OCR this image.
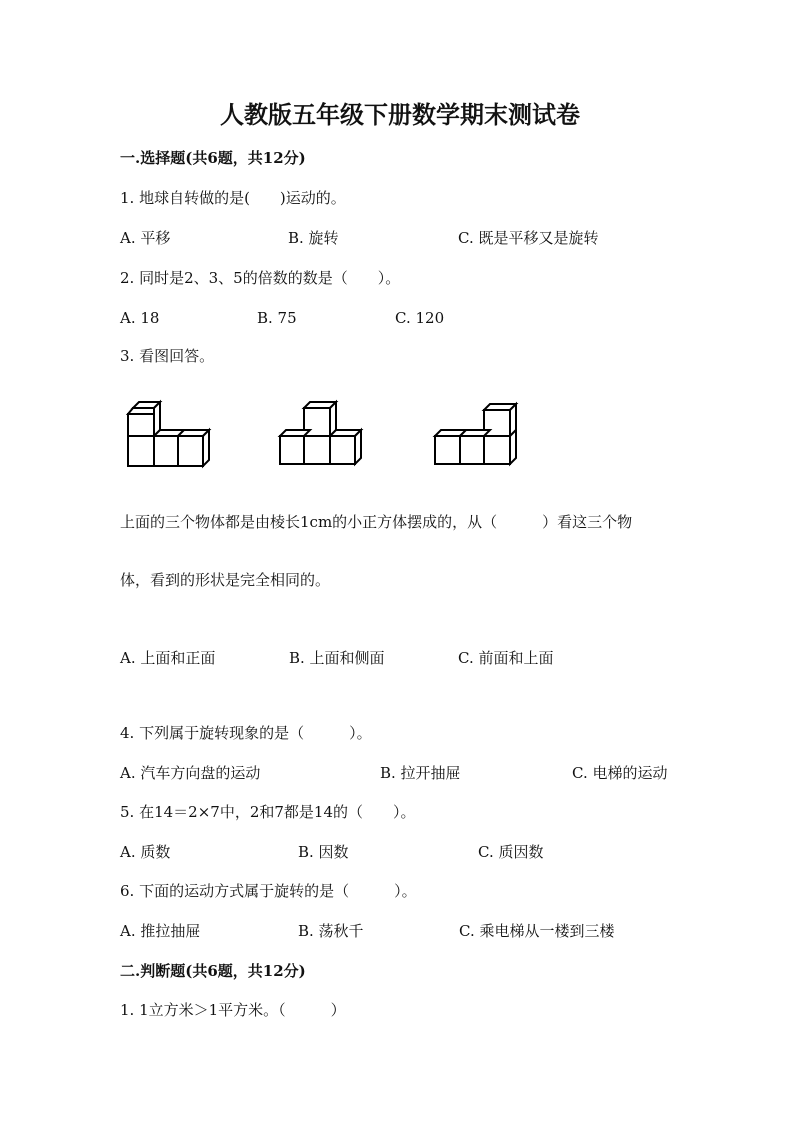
人教版五年级下册数学期末测试卷
一.选择题(共6题，共12分)
1. 地球自转做的是(　　)运动的。
A. 平移	B. 旋转	C. 既是平移又是旋转
2. 同时是2、3、5的倍数的数是（　　）。
A. 18	B. 75	C. 120
3. 看图回答。
上面的三个物体都是由棱长1cm的小正方体摆成的，从（　　　）看这三个物
体，看到的形状是完全相同的。
A. 上面和正面	B. 上面和侧面	C. 前面和上面
4. 下列属于旋转现象的是（　　　）。
A. 汽车方向盘的运动	B. 拉开抽屉	C. 电梯的运动
5. 在14＝2×7中，2和7都是14的（　　）。
A. 质数	B. 因数	C. 质因数
6. 下面的运动方式属于旋转的是（　　　）。
A. 推拉抽屉	B. 荡秋千	C. 乘电梯从一楼到三楼
二.判断题(共6题，共12分)
1. 1立方米＞1平方米。（　　　）
